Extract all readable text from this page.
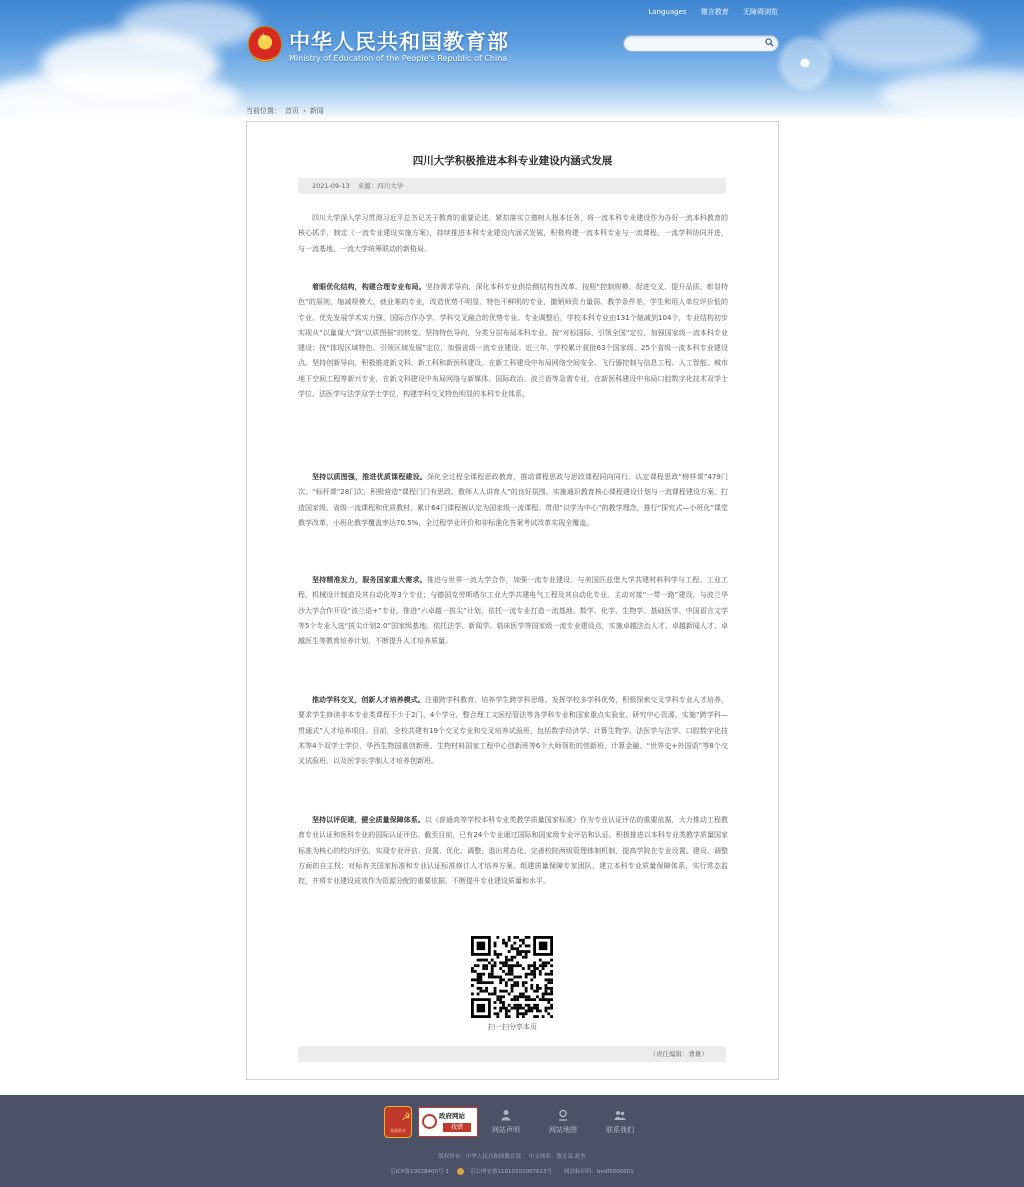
★ 中华人民共和国教育部
Ministry of Education of the People's Republic of China
Languages 微言教育 无障碍浏览
当前位置： 首页 › 新闻
四川大学积极推进本科专业建设内涵式发展
2021-09-13 来源：四川大学
四川大学深入学习贯彻习近平总书记关于教育的重要论述，紧扣落实立德树人根本任务，将一流本科专业建设作为办好一流本科教育的核心抓手，制定《一流专业建设实施方案》，持续推进本科专业建设内涵式发展，积极构建一流本科专业与一流课程、一流学科协同并进，与一流基地、一流大学统筹联动的新格局。
着眼优化结构，构建合理专业布局。坚持需求导向，深化本科专业供给侧结构性改革。按照“控制规模、促进交叉、提升品质、彰显特色”的原则，缩减规模大、就业难的专业，改造优势不明显、特色不鲜明的专业，撤销师资力量弱、教学条件差、学生和用人单位评价低的专业。优先发展学术实力强、国际合作办学、学科交叉融合的优势专业。专业调整后，学校本科专业由131个缩减到104个，专业结构初步实现从“以量谋大”到“以质图强”的转变。坚持特色导向，分类分层布局本科专业。按“对标国际、引领全国”定位，加强国家级一流本科专业建设；按“体现区域特色、引领区域发展”定位，加强省级一流专业建设。近三年，学校累计获批63个国家级、25个省级一流本科专业建设点。坚持创新导向，积极推进新文科、新工科和新医科建设。在新工科建设中布局网络空间安全、飞行器控制与信息工程、人工智能、城市地下空间工程等新兴专业，在新文科建设中布局网络与新媒体、国际政治、波兰语等急需专业，在新医科建设中布局口腔数字化技术双学士学位、法医学与法学双学士学位，构建学科交叉特色明显的本科专业体系。
坚持以质图强，推进优质课程建设。深化全过程全课程思政教育，推动课程思政与思政课程同向同行。认定课程思政“榜样课”479门次、“标杆课”28门次，积极营造“课程门门有思政、教师人人讲育人”的良好氛围。实施通识教育核心课程建设计划与一流课程建设方案，打造国家级、省级一流课程和优质教材，累计64门课程被认定为国家级一流课程。贯彻“以学为中心”的教学理念，推行“探究式—小班化”课堂教学改革，小班化教学覆盖率达70.5%，全过程学业评价和非标准化答案考试改革实现全覆盖。
坚持精准发力，服务国家重大需求。推进与世界一流大学合作，加强一流专业建设。与美国匹兹堡大学共建材料科学与工程、工业工程、机械设计制造及其自动化等3个专业；与德国克劳斯塔尔工业大学共建电气工程及其自动化专业。主动对接“一带一路”建设，与波兰华沙大学合作开设“波兰语+”专业。推进“六卓越一拔尖”计划，依托一流专业打造一流基地。数学、化学、生物学、基础医学、中国语言文学等5个专业入选“拔尖计划2.0”国家级基地。依托法学、新闻学、临床医学等国家级一流专业建设点，实施卓越法治人才、卓越新闻人才、卓越医生等教育培养计划，不断提升人才培养质量。
推动学科交叉，创新人才培养模式。注重跨学科教育，培养学生跨学科思维。发挥学校多学科优势，积极探索交叉学科专业人才培养，要求学生修读非本专业类课程不少于2门、4个学分。整合理工文医经管法等各学科专业和国家重点实验室、研究中心资源，实施“跨学科—贯通式”人才培养项目。目前，全校共建有19个交叉专业和交叉培养试验班，包括数学经济学、计算生物学、法医学与法学、口腔数字化技术等4个双学士学位，华西生物国重创新班、生物材料国家工程中心创新班等6个大师领衔的创新班，计算金融、“世界史+外国语”等8个交叉试验班，以及医学长学制人才培养创新班。
坚持以评促建，健全质量保障体系。以《普通高等学校本科专业类教学质量国家标准》作为专业认证评估的重要依据，大力推动工程教育专业认证和医科专业的国际认证评估。截至目前，已有24个专业通过国际和国家级专业评估和认证。积极推进以本科专业类教学质量国家标准为核心的校内评估，实现专业评估、设置、优化、调整、退出常态化。完善校院两级管理体制机制，提高学院在专业设置、建设、调整方面的自主权；对标有关国家标准和专业认证标准修订人才培养方案，组建质量保障专家团队，建立本科专业质量保障体系，实行常态监控，并将专业建设成效作为资源分配的重要依据，不断提升专业建设质量和水平。
扫一扫分享本页
（责任编辑：曹雄）
☭
党政机关
政府网站
找错	网站声明	网站地图	联系我们
版权所有：中华人民共和国教育部 中文域名：教育部.政务
京ICP备10028400号-1	京公网安备11010202007623号 网站标识码：bm05000001
